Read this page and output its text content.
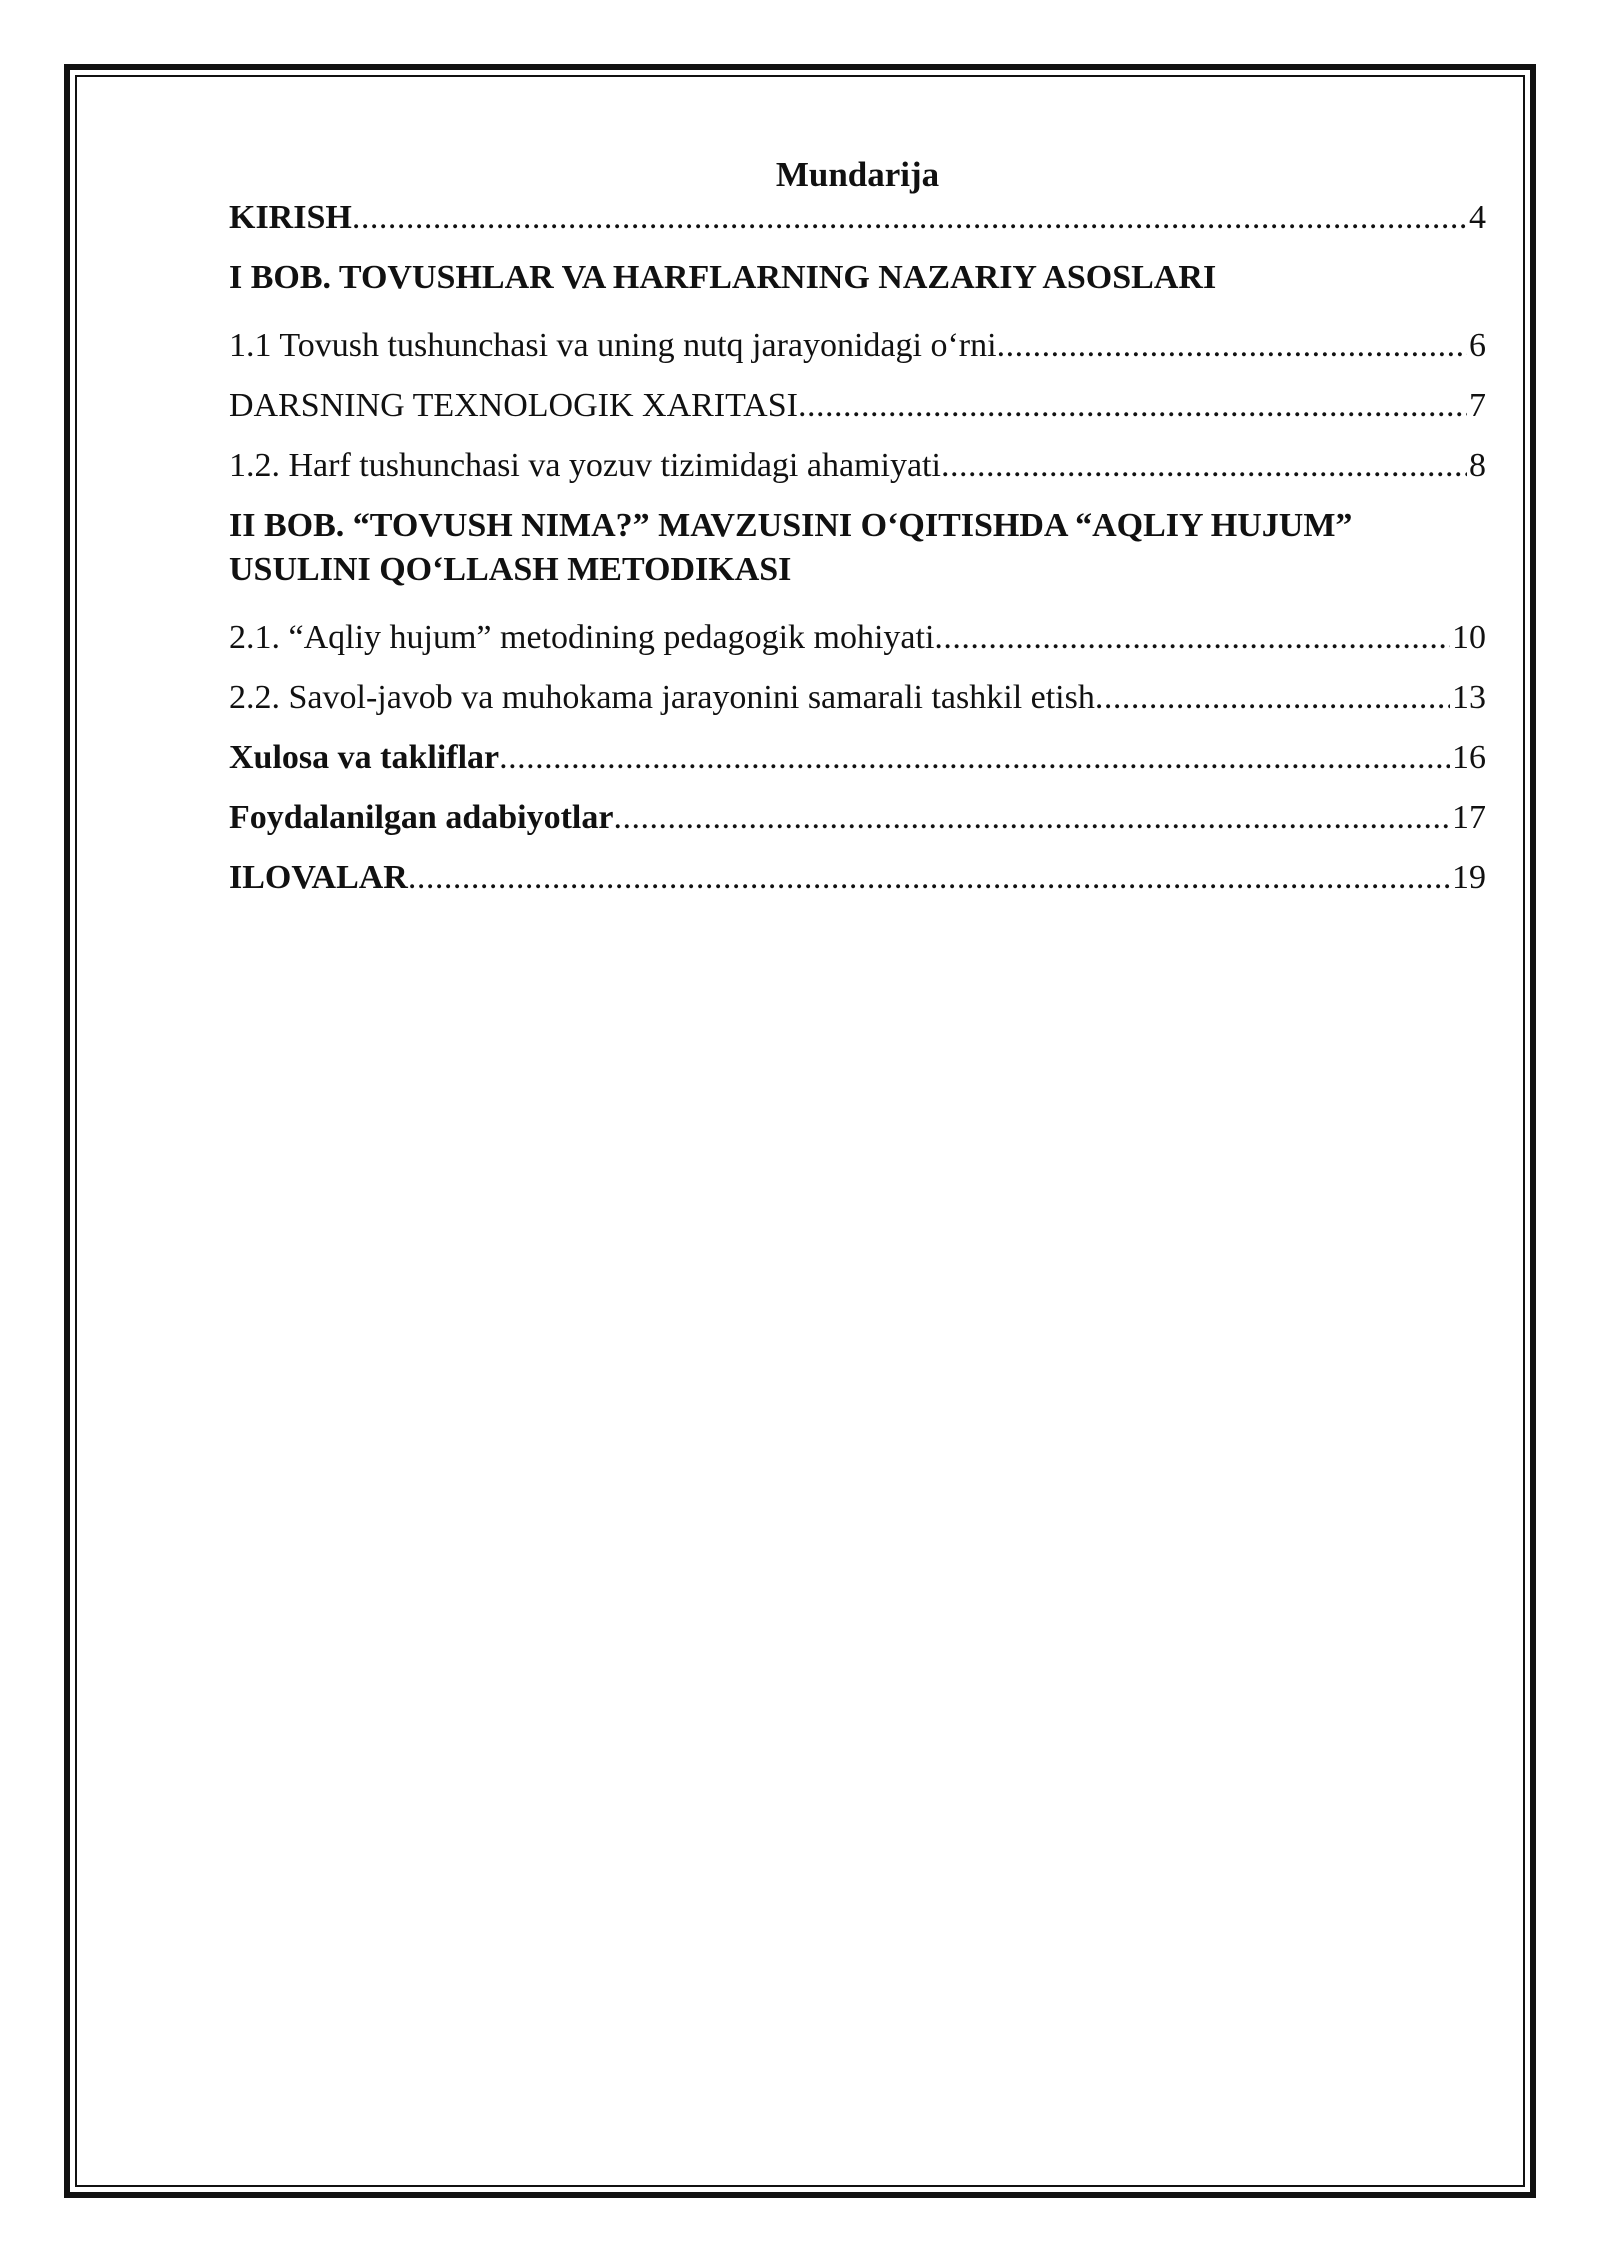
Mundarija
KIRISH .....	4
I BOB. TOVUSHLAR VA HARFLARNING NAZARIY ASOSLARI
1.1 Tovush tushunchasi va uning nutq jarayonidagi o‘rni .....	6
DARSNING TEXNOLOGIK XARITASI .....	7
1.2. Harf tushunchasi va yozuv tizimidagi ahamiyati .....	8
II BOB. “TOVUSH NIMA?” MAVZUSINI O‘QITISHDA “AQLIY HUJUM”
USULINI QO‘LLASH METODIKASI
2.1. “Aqliy hujum” metodining pedagogik mohiyati .....	10
2.2. Savol-javob va muhokama jarayonini samarali tashkil etish .....	13
Xulosa va takliflar .....	16
Foydalanilgan adabiyotlar .....	17
ILOVALAR .....	19
